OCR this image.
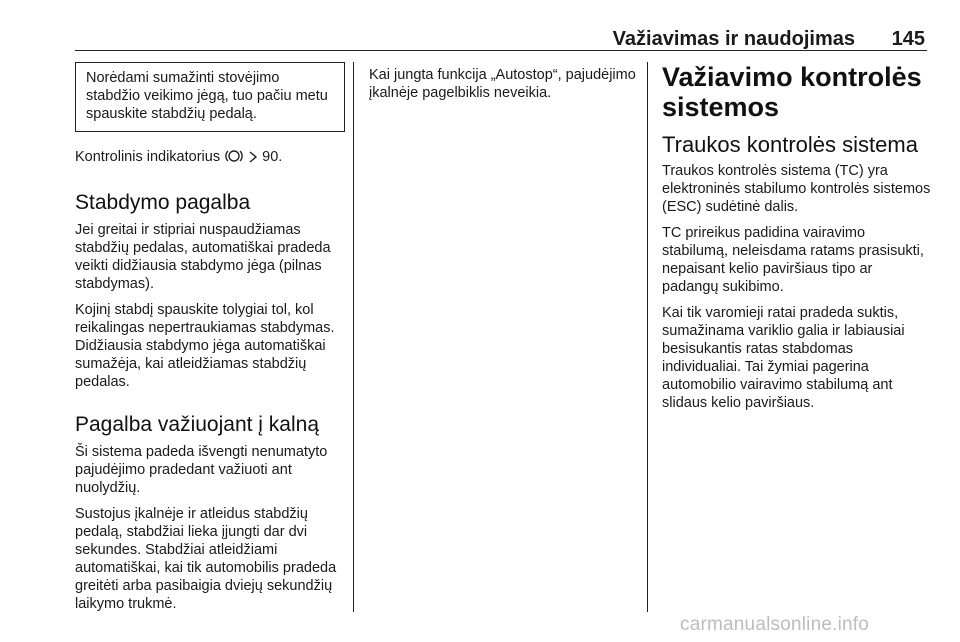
Važiavimas ir naudojimas 145
Norėdami sumažinti stovėjimo stabdžio veikimo jėgą, tuo pačiu metu spauskite stabdžių pedalą.

Kontrolinis indikatorius	90.

Stabdymo pagalba

Jei greitai ir stipriai nuspaudžiamas stabdžių pedalas, automatiškai pradeda veikti didžiausia stabdymo jėga (pilnas stabdymas).

Kojinį stabdį spauskite tolygiai tol, kol reikalingas nepertraukiamas stabdymas. Didžiausia stabdymo jėga automatiškai sumažėja, kai atleidžiamas stabdžių pedalas.

Pagalba važiuojant į kalną

Ši sistema padeda išvengti nenumatyto pajudėjimo pradedant važiuoti ant nuolydžių.

Sustojus įkalnėje ir atleidus stabdžių pedalą, stabdžiai lieka įjungti dar dvi sekundes. Stabdžiai atleidžiami automatiškai, kai tik automobilis pradeda greitėti arba pasibaigia dviejų sekundžių laikymo trukmė.

Kai jungta funkcija „Autostop“, pajudėjimo įkalnėje pagelbiklis neveikia.

Važiavimo kontrolės sistemos
Traukos kontrolės sistema

Traukos kontrolės sistema (TC) yra elektroninės stabilumo kontrolės sistemos (ESC) sudėtinė dalis.

TC prireikus padidina vairavimo stabilumą, neleisdama ratams prasisukti, nepaisant kelio paviršiaus tipo ar padangų sukibimo.

Kai tik varomieji ratai pradeda suktis, sumažinama variklio galia ir labiausiai besisukantis ratas stabdomas individualiai. Tai žymiai pagerina automobilio vairavimo stabilumą ant slidaus kelio paviršiaus.

carmanualsonline.info
